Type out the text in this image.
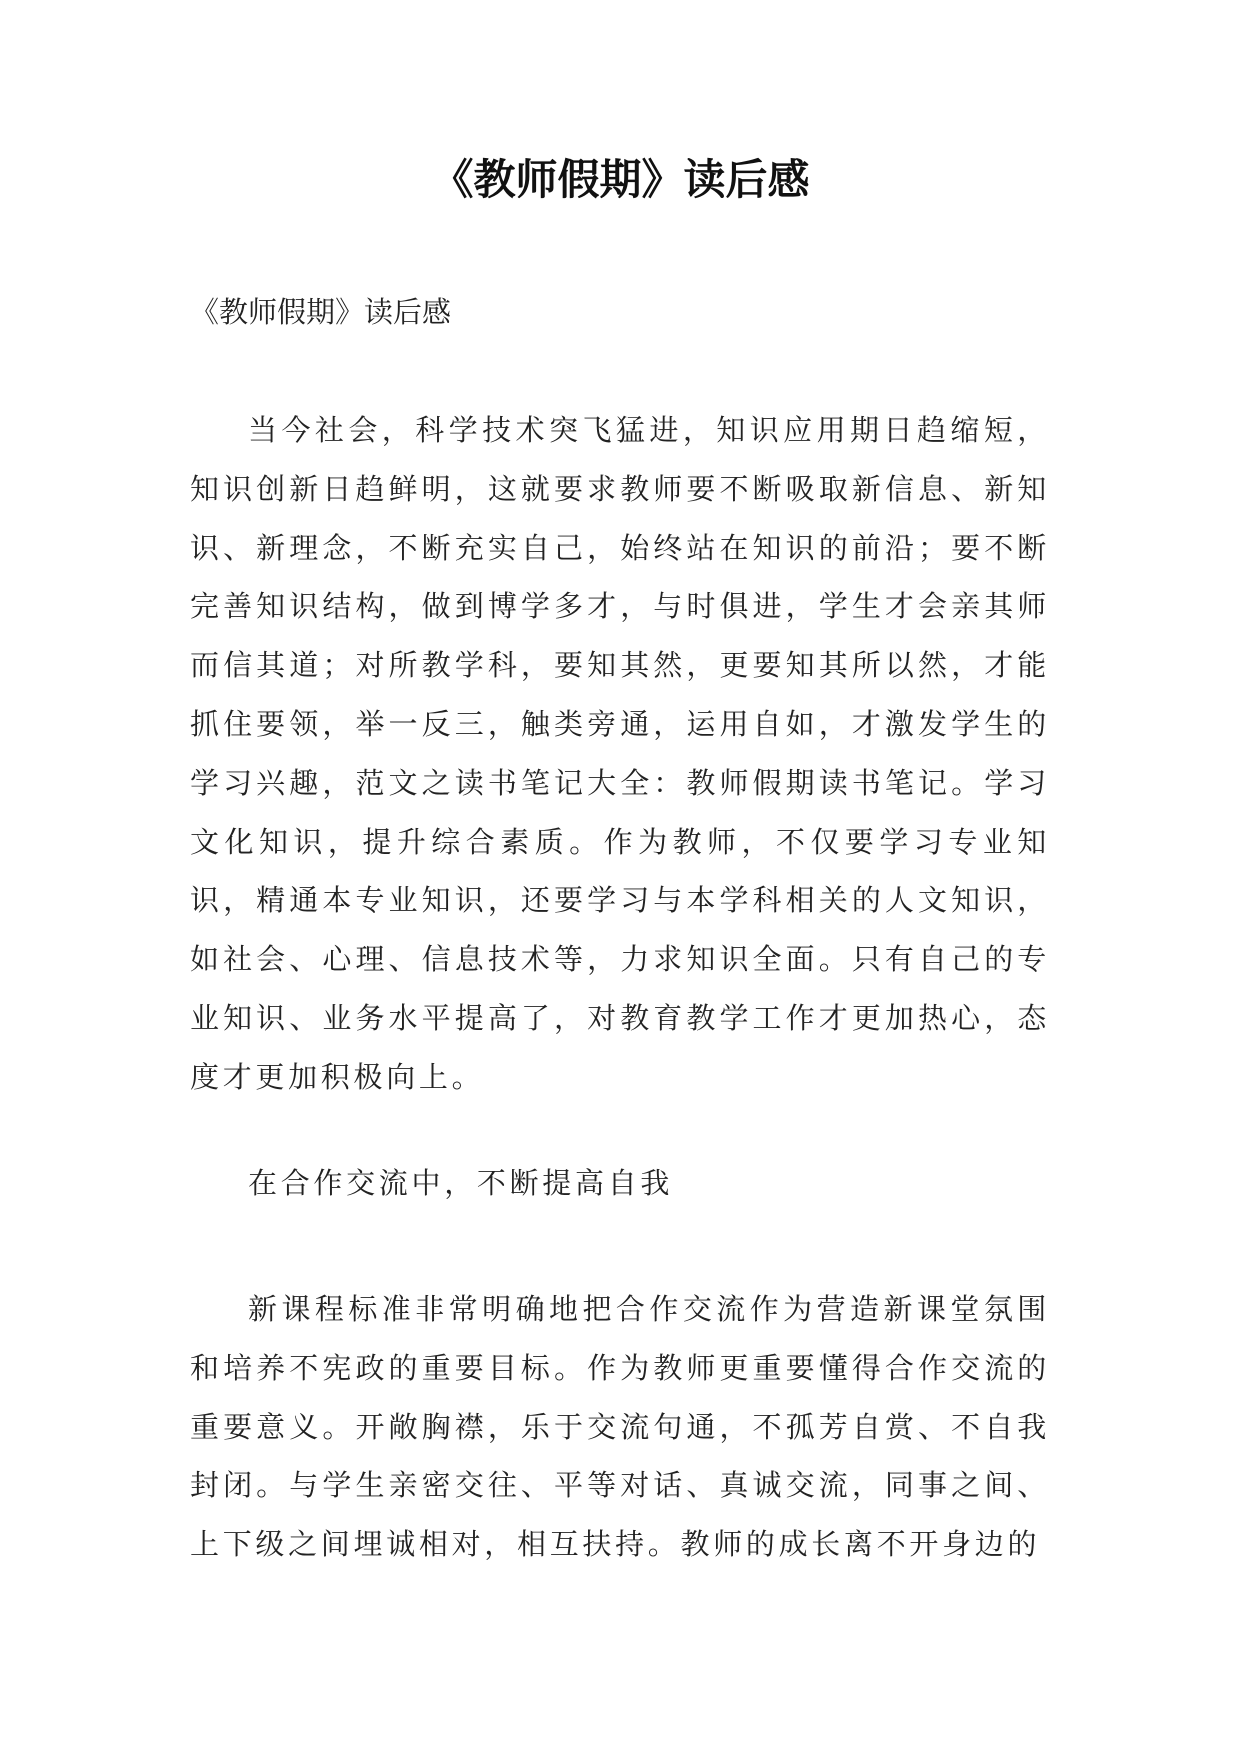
《教师假期》读后感

《教师假期》读后感

当今社会，科学技术突飞猛进，知识应用期日趋缩短，知识创新日趋鲜明，这就要求教师要不断吸取新信息、新知识、新理念，不断充实自己，始终站在知识的前沿；要不断完善知识结构，做到博学多才，与时俱进，学生才会亲其师而信其道；对所教学科，要知其然，更要知其所以然，才能抓住要领，举一反三，触类旁通，运用自如，才激发学生的学习兴趣，范文之读书笔记大全：教师假期读书笔记。学习文化知识，提升综合素质。作为教师，不仅要学习专业知识，精通本专业知识，还要学习与本学科相关的人文知识，如社会、心理、信息技术等，力求知识全面。只有自己的专业知识、业务水平提高了，对教育教学工作才更加热心，态度才更加积极向上。

在合作交流中，不断提高自我

新课程标准非常明确地把合作交流作为营造新课堂氛围和培养不宪政的重要目标。作为教师更重要懂得合作交流的重要意义。开敞胸襟，乐于交流句通，不孤芳自赏、不自我封闭。与学生亲密交往、平等对话、真诚交流，同事之间、上下级之间埋诚相对，相互扶持。教师的成长离不开身边的
